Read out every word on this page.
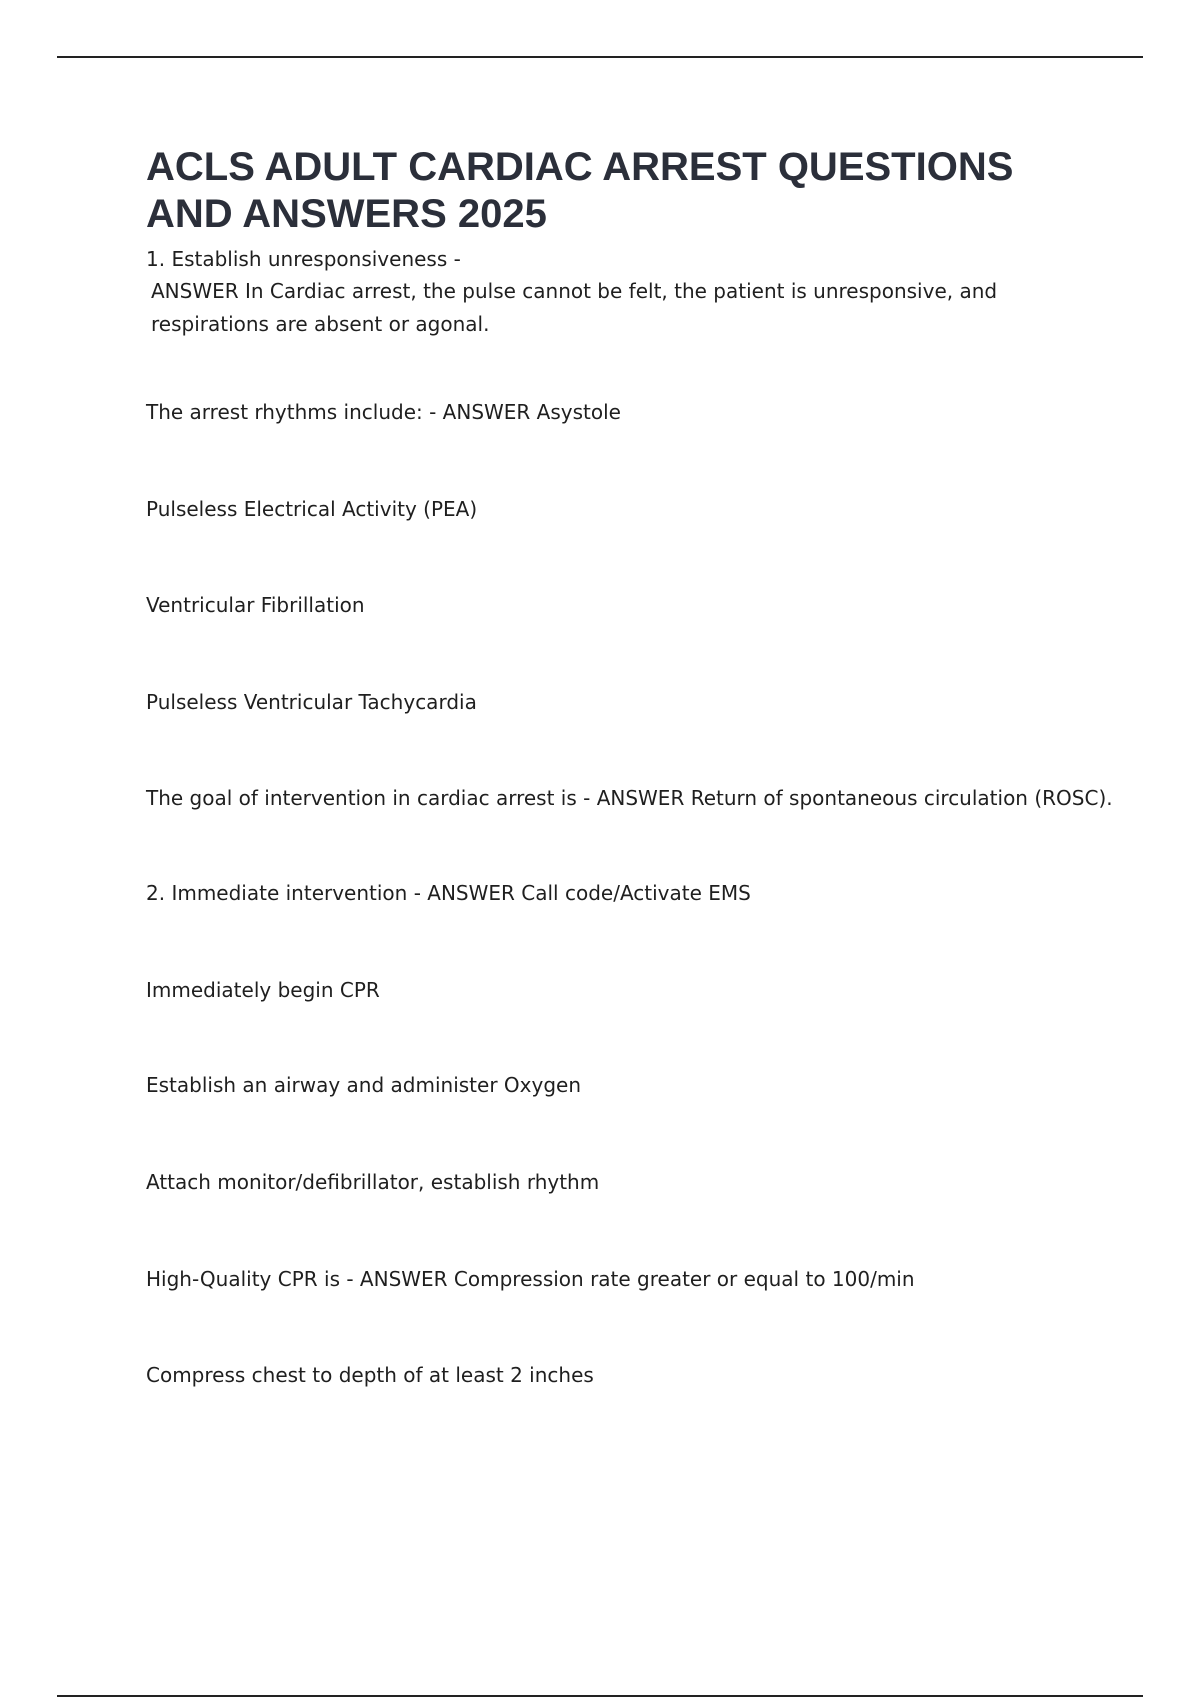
ACLS ADULT CARDIAC ARREST QUESTIONS AND ANSWERS 2025
1. Establish unresponsiveness -
ANSWER In Cardiac arrest, the pulse cannot be felt, the patient is unresponsive, and respirations are absent or agonal.
The arrest rhythms include: - ANSWER Asystole
Pulseless Electrical Activity (PEA)
Ventricular Fibrillation
Pulseless Ventricular Tachycardia
The goal of intervention in cardiac arrest is - ANSWER Return of spontaneous circulation (ROSC).
2. Immediate intervention - ANSWER Call code/Activate EMS
Immediately begin CPR
Establish an airway and administer Oxygen
Attach monitor/defibrillator, establish rhythm
High-Quality CPR is - ANSWER Compression rate greater or equal to 100/min
Compress chest to depth of at least 2 inches
